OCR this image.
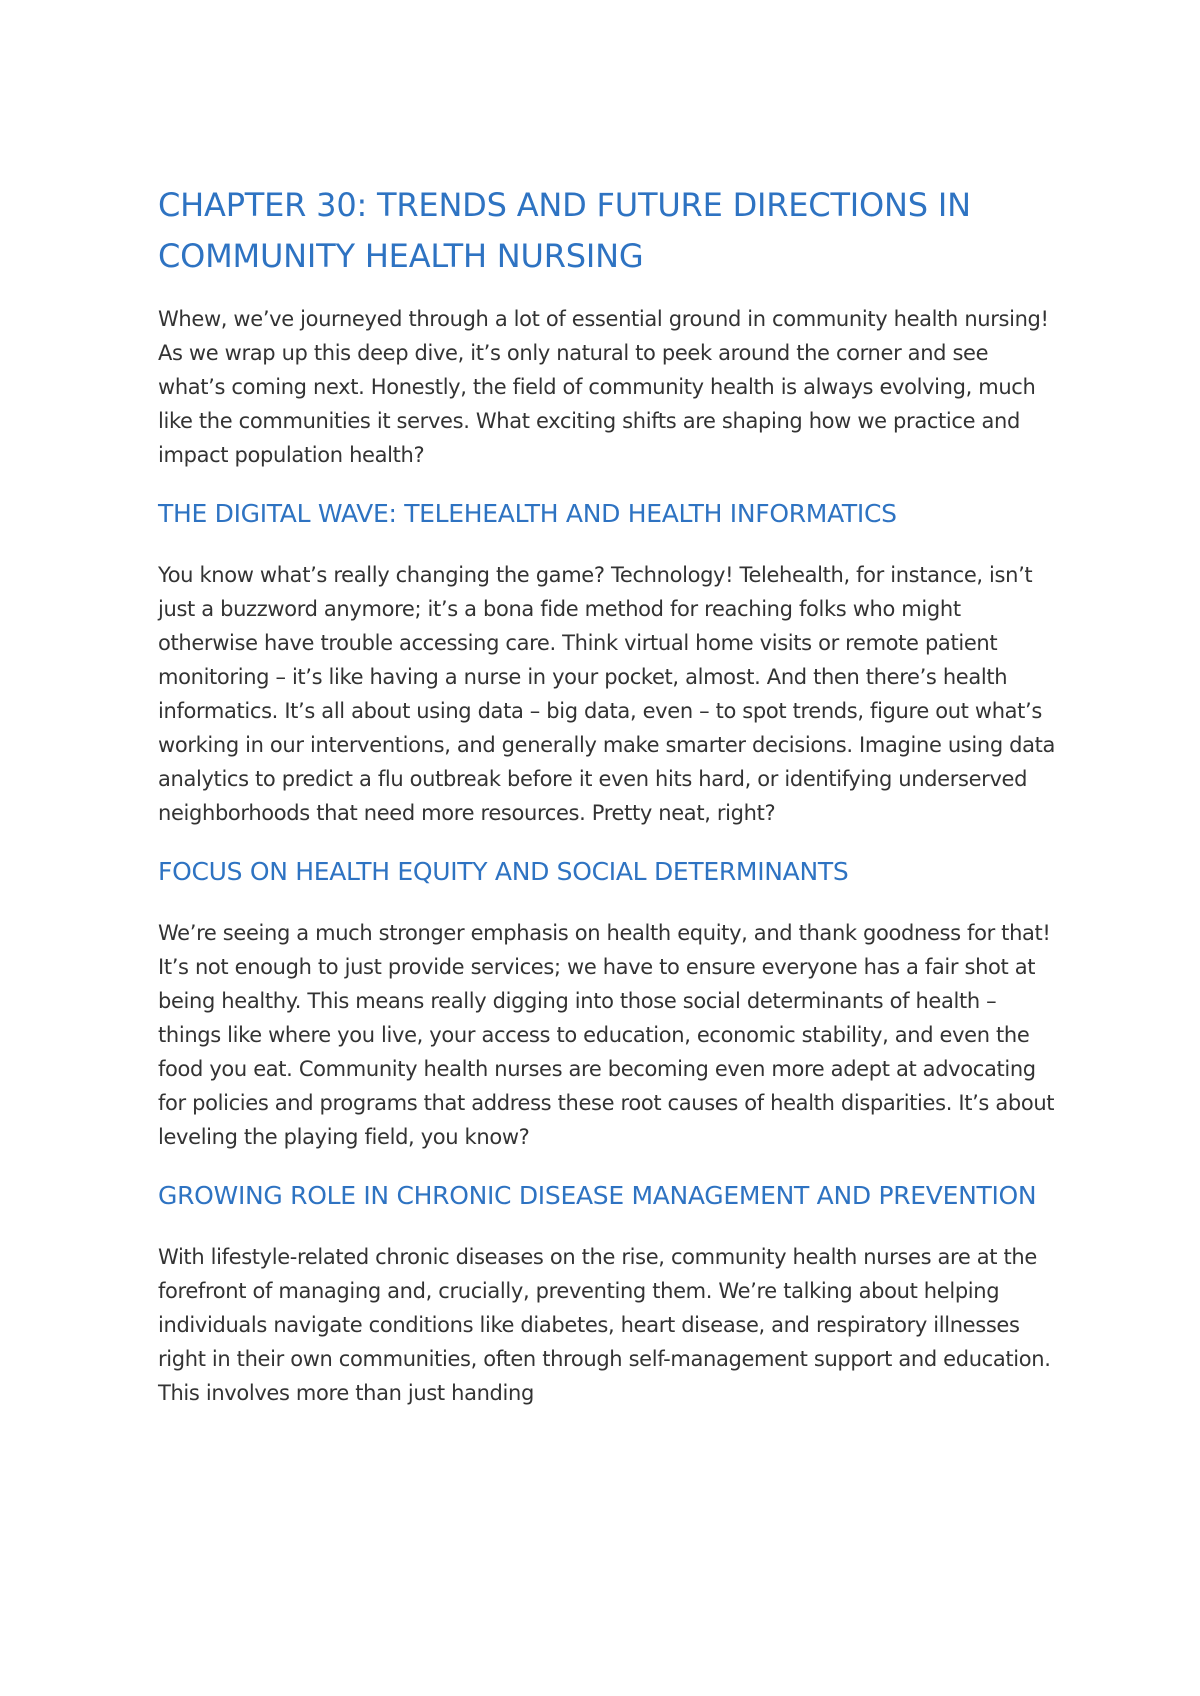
CHAPTER 30: TRENDS AND FUTURE DIRECTIONS IN COMMUNITY HEALTH NURSING

Whew, we’ve journeyed through a lot of essential ground in community health nursing! As we wrap up this deep dive, it’s only natural to peek around the corner and see what’s coming next. Honestly, the field of community health is always evolving, much like the communities it serves. What exciting shifts are shaping how we practice and impact population health?

THE DIGITAL WAVE: TELEHEALTH AND HEALTH INFORMATICS

You know what’s really changing the game? Technology! Telehealth, for instance, isn’t just a buzzword anymore; it’s a bona fide method for reaching folks who might otherwise have trouble accessing care. Think virtual home visits or remote patient monitoring – it’s like having a nurse in your pocket, almost. And then there’s health informatics. It’s all about using data – big data, even – to spot trends, figure out what’s working in our interventions, and generally make smarter decisions. Imagine using data analytics to predict a flu outbreak before it even hits hard, or identifying underserved neighborhoods that need more resources. Pretty neat, right?

FOCUS ON HEALTH EQUITY AND SOCIAL DETERMINANTS

We’re seeing a much stronger emphasis on health equity, and thank goodness for that! It’s not enough to just provide services; we have to ensure everyone has a fair shot at being healthy. This means really digging into those social determinants of health – things like where you live, your access to education, economic stability, and even the food you eat. Community health nurses are becoming even more adept at advocating for policies and programs that address these root causes of health disparities. It’s about leveling the playing field, you know?

GROWING ROLE IN CHRONIC DISEASE MANAGEMENT AND PREVENTION

With lifestyle-related chronic diseases on the rise, community health nurses are at the forefront of managing and, crucially, preventing them. We’re talking about helping individuals navigate conditions like diabetes, heart disease, and respiratory illnesses right in their own communities, often through self-management support and education. This involves more than just handing
